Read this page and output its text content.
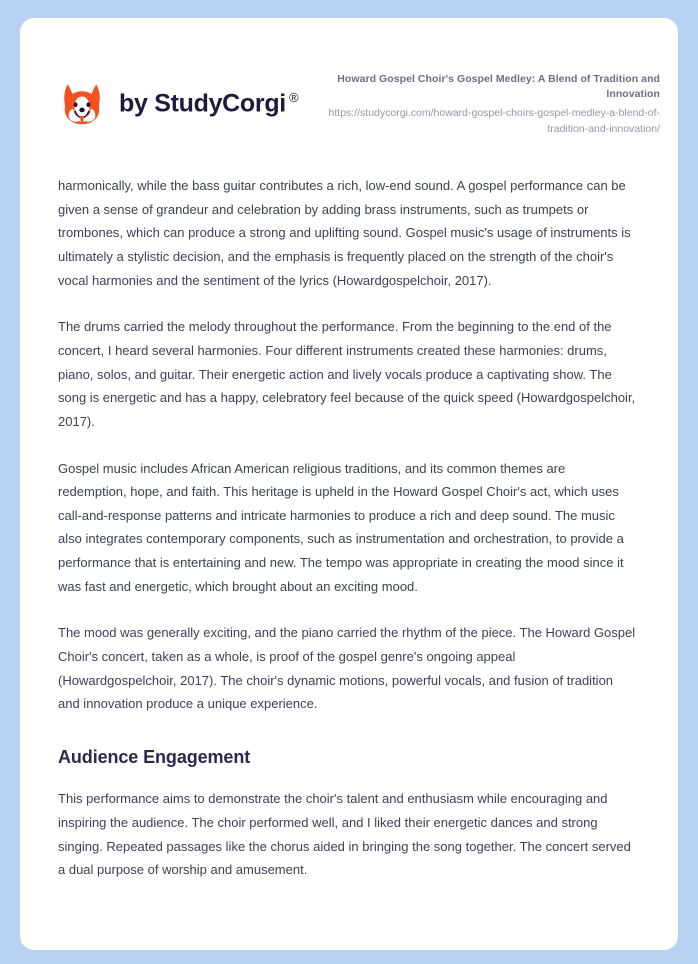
by StudyCorgi ®
Howard Gospel Choir's Gospel Medley: A Blend of Tradition and Innovation
https://studycorgi.com/howard-gospel-choirs-gospel-medley-a-blend-of-tradition-and-innovation/

harmonically, while the bass guitar contributes a rich, low-end sound. A gospel performance can be given a sense of grandeur and celebration by adding brass instruments, such as trumpets or trombones, which can produce a strong and uplifting sound. Gospel music's usage of instruments is ultimately a stylistic decision, and the emphasis is frequently placed on the strength of the choir's vocal harmonies and the sentiment of the lyrics (Howardgospelchoir, 2017).

The drums carried the melody throughout the performance. From the beginning to the end of the concert, I heard several harmonies. Four different instruments created these harmonies: drums, piano, solos, and guitar. Their energetic action and lively vocals produce a captivating show. The song is energetic and has a happy, celebratory feel because of the quick speed (Howardgospelchoir, 2017).

Gospel music includes African American religious traditions, and its common themes are redemption, hope, and faith. This heritage is upheld in the Howard Gospel Choir's act, which uses call-and-response patterns and intricate harmonies to produce a rich and deep sound. The music also integrates contemporary components, such as instrumentation and orchestration, to provide a performance that is entertaining and new. The tempo was appropriate in creating the mood since it was fast and energetic, which brought about an exciting mood.

The mood was generally exciting, and the piano carried the rhythm of the piece. The Howard Gospel Choir's concert, taken as a whole, is proof of the gospel genre's ongoing appeal (Howardgospelchoir, 2017). The choir's dynamic motions, powerful vocals, and fusion of tradition and innovation produce a unique experience.

Audience Engagement

This performance aims to demonstrate the choir's talent and enthusiasm while encouraging and inspiring the audience. The choir performed well, and I liked their energetic dances and strong singing. Repeated passages like the chorus aided in bringing the song together. The concert served a dual purpose of worship and amusement.
